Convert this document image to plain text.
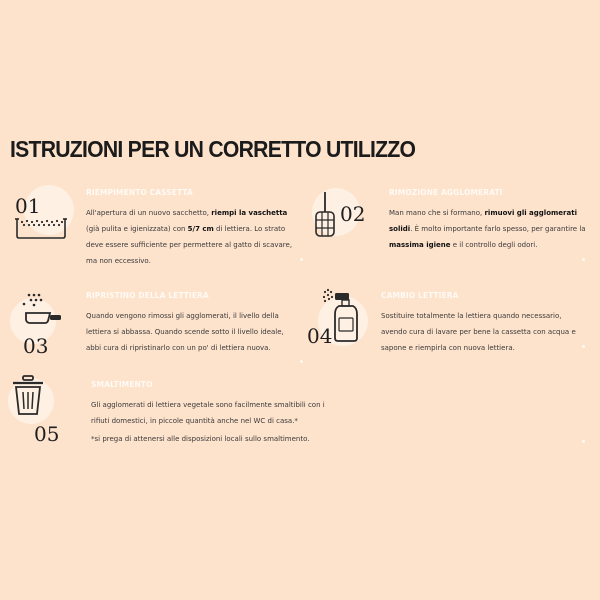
ISTRUZIONI PER UN CORRETTO UTILIZZO
01

RIEMPIMENTO CASSETTA

All'apertura di un nuovo sacchetto, riempi la vaschetta (già pulita e igienizzata) con 5/7 cm di lettiera. Lo strato deve essere sufficiente per permettere al gatto di scavare, ma non eccessivo.

02

RIMOZIONE AGGLOMERATI

Man mano che si formano, rimuovi gli agglomerati solidi. È molto importante farlo spesso, per garantire la massima igiene e il controllo degli odori.

03

RIPRISTINO DELLA LETTIERA

Quando vengono rimossi gli agglomerati, il livello della lettiera si abbassa. Quando scende sotto il livello ideale, abbi cura di ripristinarlo con un po' di lettiera nuova.	04

CAMBIO LETTIERA

Sostituire totalmente la lettiera quando necessario, avendo cura di lavare per bene la cassetta con acqua e sapone e riempirla con nuova lettiera.

05

SMALTIMENTO

Gli agglomerati di lettiera vegetale sono facilmente smaltibili con i rifiuti domestici, in piccole quantità anche nel WC di casa.*

*si prega di attenersi alle disposizioni locali sullo smaltimento.
